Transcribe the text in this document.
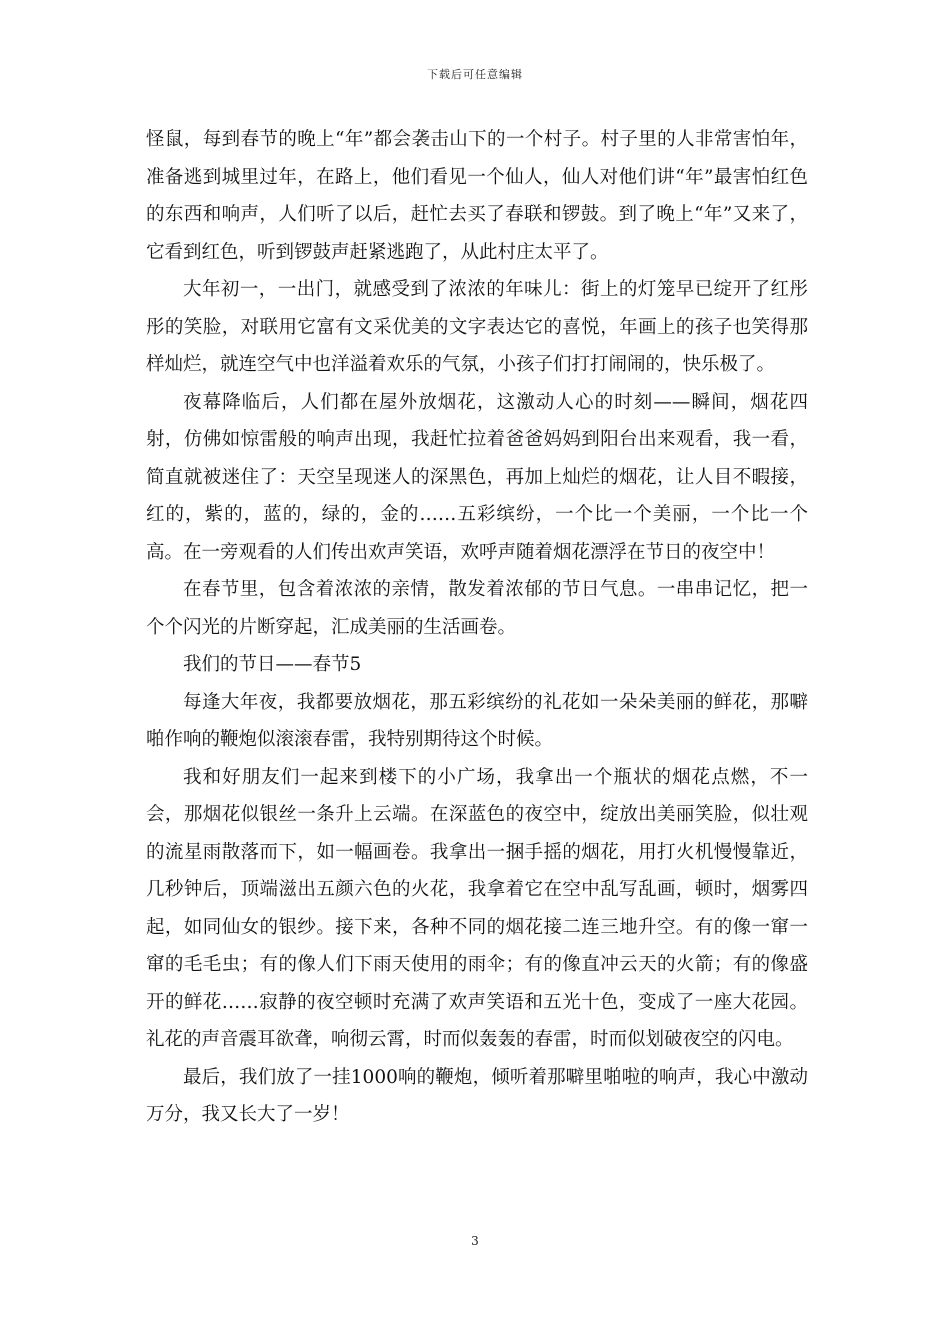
下载后可任意编辑

怪鼠，每到春节的晚上“年”都会袭击山下的一个村子。村子里的人非常害怕年，准备逃到城里过年，在路上，他们看见一个仙人，仙人对他们讲“年”最害怕红色的东西和响声，人们听了以后，赶忙去买了春联和锣鼓。到了晚上“年”又来了，它看到红色，听到锣鼓声赶紧逃跑了，从此村庄太平了。

大年初一，一出门，就感受到了浓浓的年味儿：街上的灯笼早已绽开了红彤彤的笑脸，对联用它富有文采优美的文字表达它的喜悦，年画上的孩子也笑得那样灿烂，就连空气中也洋溢着欢乐的气氛，小孩子们打打闹闹的，快乐极了。

夜幕降临后，人们都在屋外放烟花，这激动人心的时刻——瞬间，烟花四射，仿佛如惊雷般的响声出现，我赶忙拉着爸爸妈妈到阳台出来观看，我一看，简直就被迷住了：天空呈现迷人的深黑色，再加上灿烂的烟花，让人目不暇接，红的，紫的，蓝的，绿的，金的……五彩缤纷，一个比一个美丽，一个比一个高。在一旁观看的人们传出欢声笑语，欢呼声随着烟花漂浮在节日的夜空中！

在春节里，包含着浓浓的亲情，散发着浓郁的节日气息。一串串记忆，把一个个闪光的片断穿起，汇成美丽的生活画卷。

我们的节日——春节5

每逢大年夜，我都要放烟花，那五彩缤纷的礼花如一朵朵美丽的鲜花，那噼啪作响的鞭炮似滚滚春雷，我特别期待这个时候。

我和好朋友们一起来到楼下的小广场，我拿出一个瓶状的烟花点燃，不一会，那烟花似银丝一条升上云端。在深蓝色的夜空中，绽放出美丽笑脸，似壮观的流星雨散落而下，如一幅画卷。我拿出一捆手摇的烟花，用打火机慢慢靠近，几秒钟后，顶端滋出五颜六色的火花，我拿着它在空中乱写乱画，顿时，烟雾四起，如同仙女的银纱。接下来，各种不同的烟花接二连三地升空。有的像一窜一窜的毛毛虫；有的像人们下雨天使用的雨伞；有的像直冲云天的火箭；有的像盛开的鲜花……寂静的夜空顿时充满了欢声笑语和五光十色，变成了一座大花园。礼花的声音震耳欲聋，响彻云霄，时而似轰轰的春雷，时而似划破夜空的闪电。

最后，我们放了一挂1000响的鞭炮，倾听着那噼里啪啦的响声，我心中激动万分，我又长大了一岁！

3
